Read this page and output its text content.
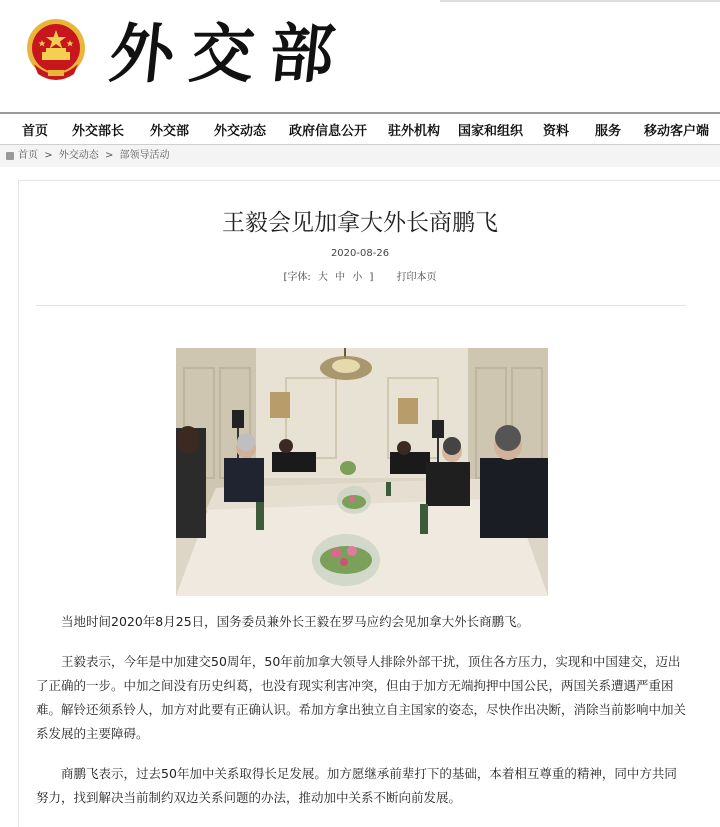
外交部
首页 外交部长 外交部 外交动态 政府信息公开 驻外机构 国家和组织 资料 服务 移动客户端
首页 > 外交动态 > 部领导活动
王毅会见加拿大外长商鹏飞
2020-08-26
[字体: 大 中 小 ] 打印本页

当地时间2020年8月25日，国务委员兼外长王毅在罗马应约会见加拿大外长商鹏飞。

王毅表示，今年是中加建交50周年，50年前加拿大领导人排除外部干扰，顶住各方压力，实现和中国建交，迈出了正确的一步。中加之间没有历史纠葛，也没有现实利害冲突，但由于加方无端拘押中国公民，两国关系遭遇严重困难。解铃还须系铃人，加方对此要有正确认识。希加方拿出独立自主国家的姿态，尽快作出决断，消除当前影响中加关系发展的主要障碍。

商鹏飞表示，过去50年加中关系取得长足发展。加方愿继承前辈打下的基础，本着相互尊重的精神，同中方共同努力，找到解决当前制约双边关系问题的办法，推动加中关系不断向前发展。
